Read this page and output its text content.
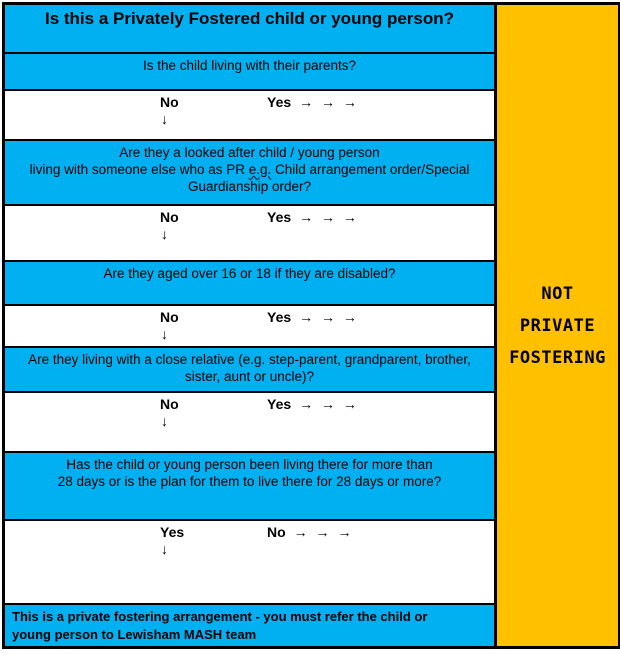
Is this a Privately Fostered child or young person?
Is the child living with their parents?
No
↓
Yes → → →
Are they a looked after child / young person
living with someone else who as PR e.g. Child arrangement order/Special Guardianship order?
No
↓
Yes → → →
Are they aged over 16 or 18 if they are disabled?
No
↓
Yes → → →
Are they living with a close relative (e.g. step-parent, grandparent, brother, sister, aunt or uncle)?
No
↓
Yes → → →
Has the child or young person been living there for more than
28 days or is the plan for them to live there for 28 days or more?
Yes
↓
No → → →
This is a private fostering arrangement - you must refer the child or young person to Lewisham MASH team
NOT
PRIVATE
FOSTERING
